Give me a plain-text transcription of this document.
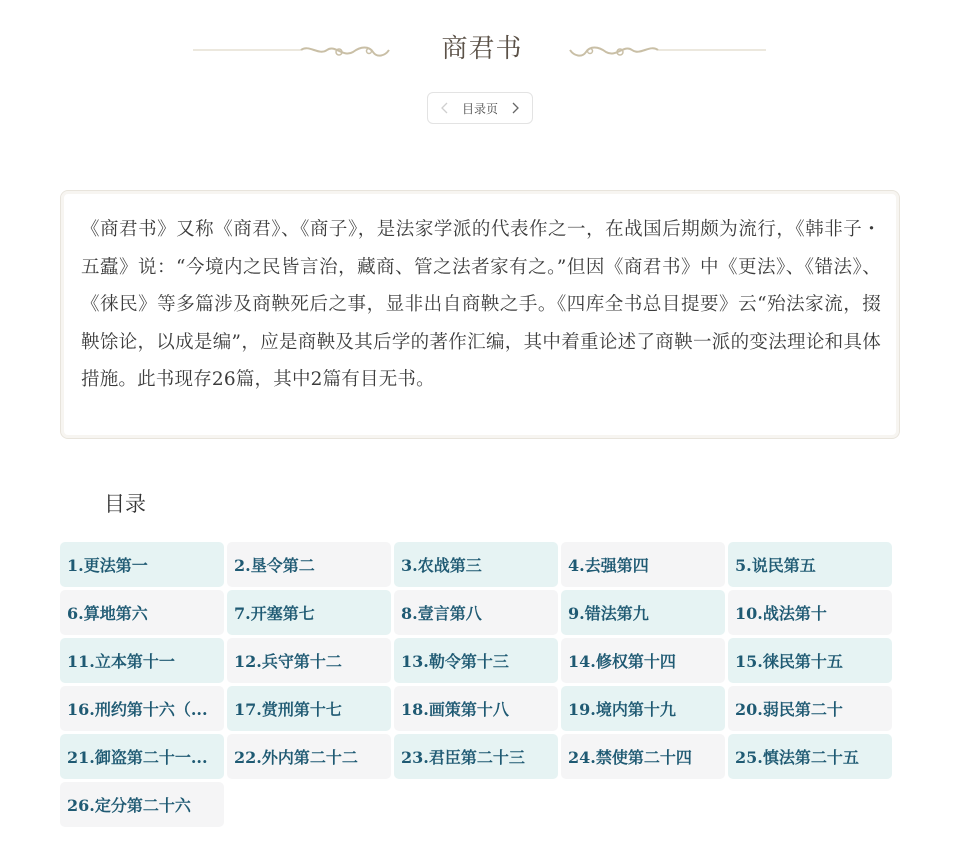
商君书
目录页

《商君书》又称《商君》、《商子》，是法家学派的代表作之一，在战国后期颇为流行，《韩非子・五蠹》说：“今境内之民皆言治，藏商、管之法者家有之。”但因《商君书》中《更法》、《错法》、《徕民》等多篇涉及商鞅死后之事，显非出自商鞅之手。《四库全书总目提要》云“殆法家流，掇鞅馀论，以成是编”，应是商鞅及其后学的著作汇编，其中着重论述了商鞅一派的变法理论和具体措施。此书现存26篇，其中2篇有目无书。

目录
1.更法第一	2.垦令第二	3.农战第三	4.去强第四	5.说民第五
6.算地第六	7.开塞第七	8.壹言第八	9.错法第九	10.战法第十
11.立本第十一	12.兵守第十二	13.勒令第十三	14.修权第十四	15.徕民第十五
16.刑约第十六（... 17.赏刑第十七	18.画策第十八	19.境内第十九	20.弱民第二十
21.御盗第二十一... 22.外内第二十二	23.君臣第二十三	24.禁使第二十四	25.慎法第二十五
26.定分第二十六
